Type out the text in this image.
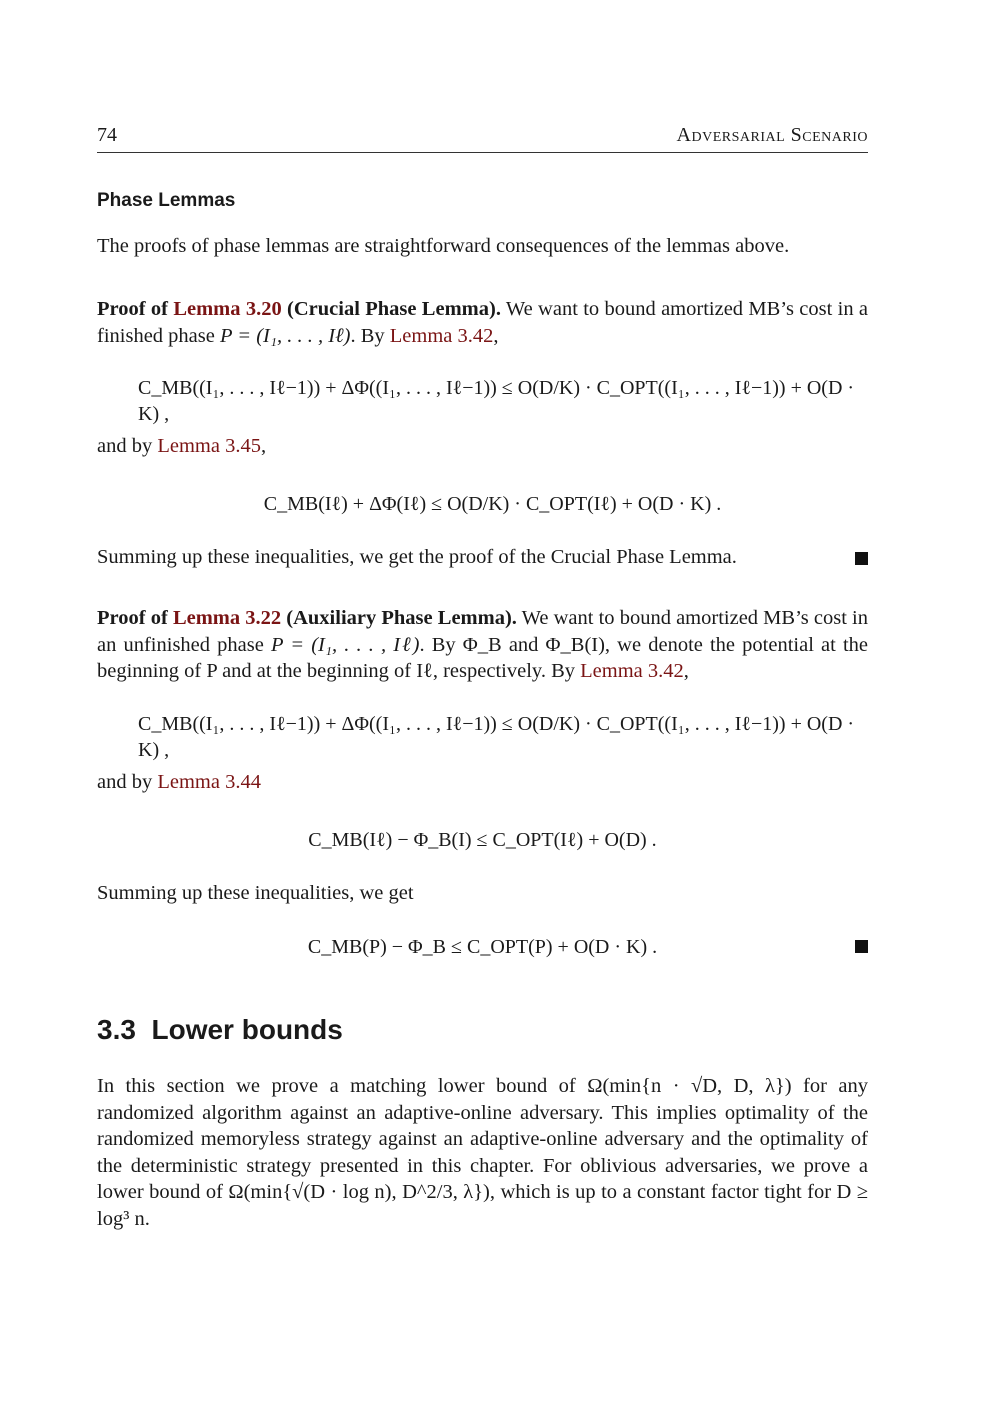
74	Adversarial Scenario
Phase Lemmas
The proofs of phase lemmas are straightforward consequences of the lemmas above.
Proof of Lemma 3.20 (Crucial Phase Lemma). We want to bound amortized MB’s cost in a finished phase P = (I₁, . . . , Iℓ). By Lemma 3.42,
C_MB((I₁, . . . , Iℓ−1)) + ΔΦ((I₁, . . . , Iℓ−1)) ≤ O(D/K) · C_OPT((I₁, . . . , Iℓ−1)) + O(D · K) ,
and by Lemma 3.45,
C_MB(Iℓ) + ΔΦ(Iℓ) ≤ O(D/K) · C_OPT(Iℓ) + O(D · K) .
Summing up these inequalities, we get the proof of the Crucial Phase Lemma.
Proof of Lemma 3.22 (Auxiliary Phase Lemma). We want to bound amortized MB’s cost in an unfinished phase P = (I₁, . . . , Iℓ). By Φ_B and Φ_B(I), we denote the potential at the beginning of P and at the beginning of Iℓ, respectively. By Lemma 3.42,
C_MB((I₁, . . . , Iℓ−1)) + ΔΦ((I₁, . . . , Iℓ−1)) ≤ O(D/K) · C_OPT((I₁, . . . , Iℓ−1)) + O(D · K) ,
and by Lemma 3.44
C_MB(Iℓ) − Φ_B(I) ≤ C_OPT(Iℓ) + O(D) .
Summing up these inequalities, we get
C_MB(P) − Φ_B ≤ C_OPT(P) + O(D · K) .
3.3 Lower bounds
In this section we prove a matching lower bound of Ω(min{n · √D, D, λ}) for any randomized algorithm against an adaptive-online adversary. This implies optimality of the randomized memoryless strategy against an adaptive-online adversary and the optimality of the deterministic strategy presented in this chapter. For oblivious adversaries, we prove a lower bound of Ω(min{√(D · log n), D^2/3, λ}), which is up to a constant factor tight for D ≥ log³ n.
